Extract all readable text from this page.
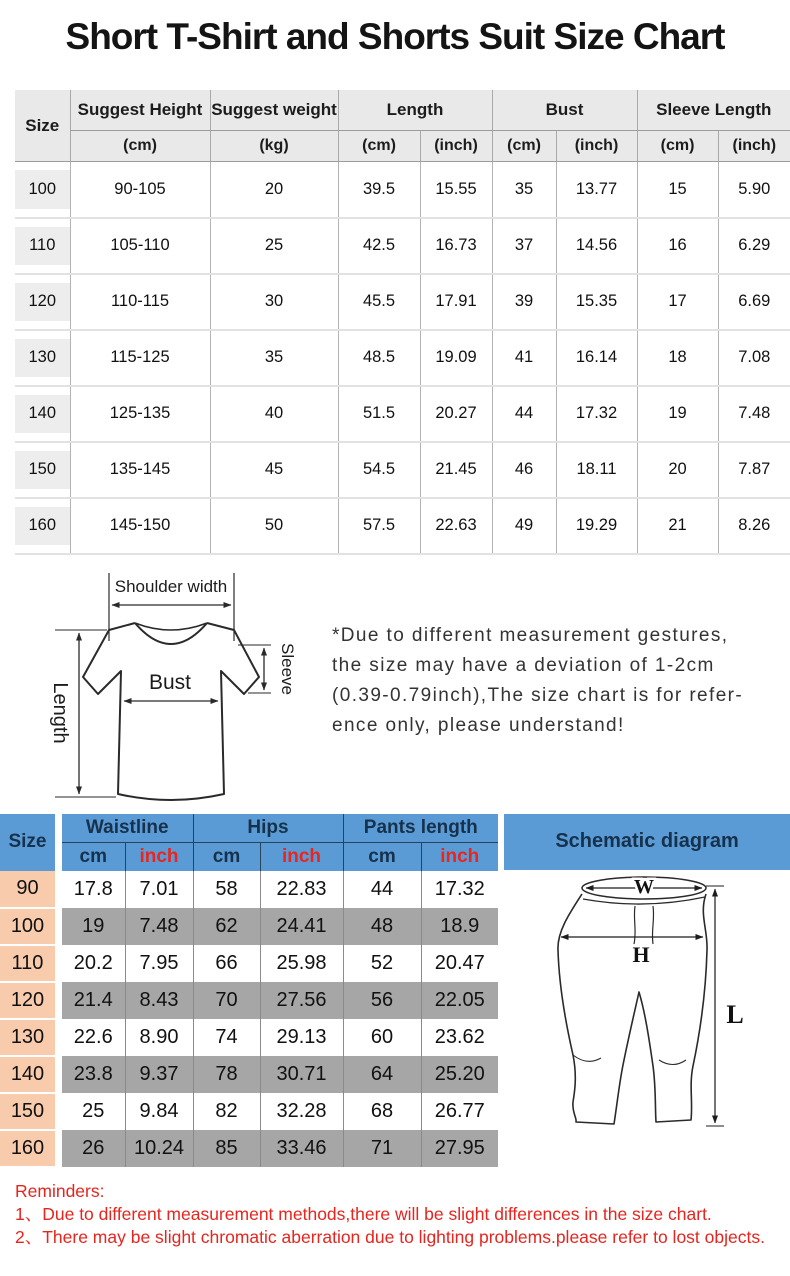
Short T-Shirt and Shorts Suit Size Chart
Size	Suggest Height	Suggest weight	Length		Bust		Sleeve Length	
	(cm)	(kg)	(cm)	(inch)	(cm)	(inch)	(cm)	(inch)
100	90-105	20	39.5	15.55	35	13.77	15	5.90
110	105-110	25	42.5	16.73	37	14.56	16	6.29
120	110-115	30	45.5	17.91	39	15.35	17	6.69
130	115-125	35	48.5	19.09	41	16.14	18	7.08
140	125-135	40	51.5	20.27	44	17.32	19	7.48
150	135-145	45	54.5	21.45	46	18.11	20	7.87
160	145-150	50	57.5	22.63	49	19.29	21	8.26
Shoulder width
Length	Bust	Sleeve
*Due to different measurement gestures,
the size may have a deviation of 1-2cm
(0.39-0.79inch),The size chart is for refer-
ence only, please understand!
Size		Waistline		Hips		Pants length	
		cm	inch	cm	inch	cm	inch
90		17.8	7.01	58	22.83	44	17.32
100		19	7.48	62	24.41	48	18.9
110		20.2	7.95	66	25.98	52	20.47
120		21.4	8.43	70	27.56	56	22.05
130		22.6	8.90	74	29.13	60	23.62
140		23.8	9.37	78	30.71	64	25.20
150		25	9.84	82	32.28	68	26.77
160		26	10.24	85	33.46	71	27.95
Schematic diagram
W
H
L
Reminders:
1、Due to different measurement methods,there will be slight differences in the size chart.
2、There may be slight chromatic aberration due to lighting problems.please refer to lost objects.
